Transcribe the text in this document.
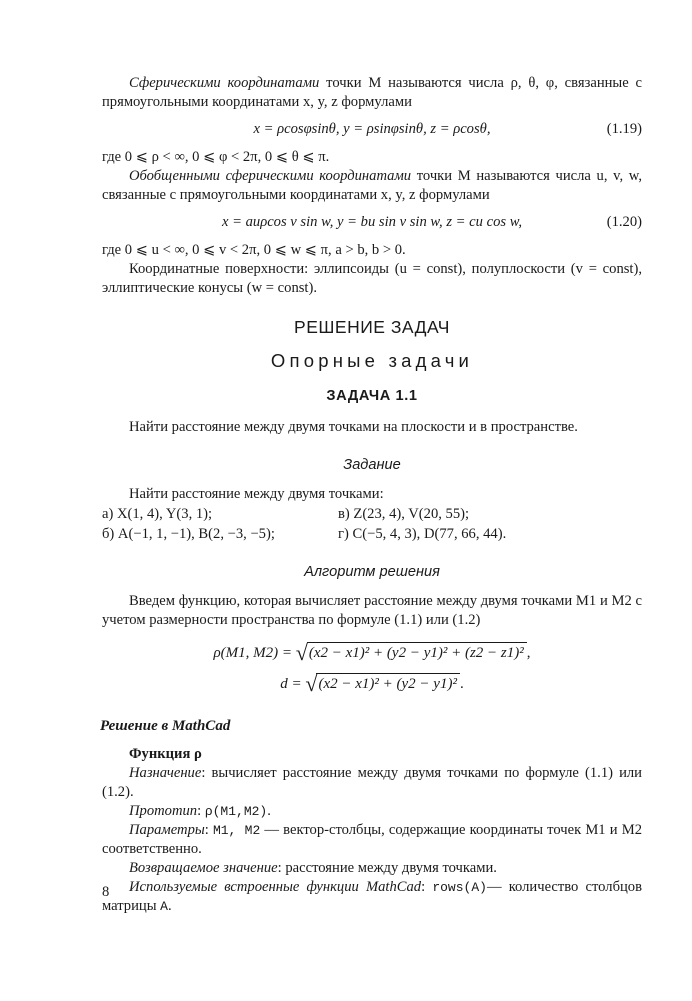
Сферическими координатами точки M называются числа ρ, θ, φ, связанные с прямоугольными координатами x, y, z формулами

x = ρcosφsinθ, y = ρsinφsinθ, z = ρcosθ,	(1.19)

где 0 ⩽ ρ < ∞, 0 ⩽ φ < 2π, 0 ⩽ θ ⩽ π.

Обобщенными сферическими координатами точки M называются числа u, v, w, связанные с прямоугольными координатами x, y, z формулами

x = auρcos v sin w, y = bu sin v sin w, z = cu cos w,	(1.20)

где 0 ⩽ u < ∞, 0 ⩽ v < 2π, 0 ⩽ w ⩽ π, a > b, b > 0.

Координатные поверхности: эллипсоиды (u = const), полуплоскости (v = const), эллиптические конусы (w = const).

РЕШЕНИЕ ЗАДАЧ
Опорные задачи
ЗАДАЧА 1.1

Найти расстояние между двумя точками на плоскости и в пространстве.

Задание

Найти расстояние между двумя точками:

а) X(1, 4), Y(3, 1);	в) Z(23, 4), V(20, 55);
б) A(−1, 1, −1), B(2, −3, −5);	г) C(−5, 4, 3), D(77, 66, 44).
Алгоритм решения

Введем функцию, которая вычисляет расстояние между двумя точками M1 и M2 с учетом размерности пространства по формуле (1.1) или (1.2)

ρ(M1, M2) = √(x2 − x1)² + (y2 − y1)² + (z2 − z1)² ,
d = √(x2 − x1)² + (y2 − y1)² .
Решение в MathCad
Функция ρ

Назначение: вычисляет расстояние между двумя точками по формуле (1.1) или (1.2).

Прототип: ρ(M1,M2).

Параметры: M1, M2 — вектор-столбцы, содержащие координаты точек M1 и M2 соответственно.

Возвращаемое значение: расстояние между двумя точками.

Используемые встроенные функции MathCad: rows(A)— количество столбцов матрицы A.

8
